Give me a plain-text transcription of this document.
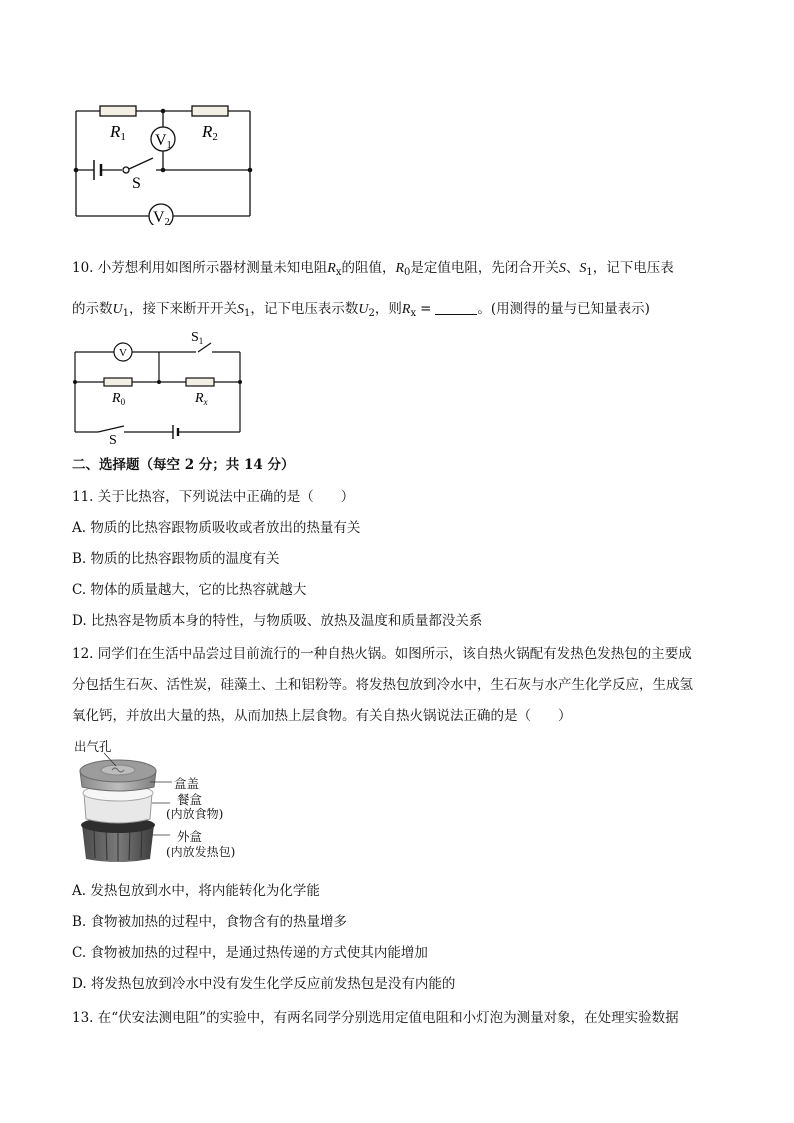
R1	R2
V1
V2
S
10. 小芳想利用如图所示器材测量未知电阻$R_x$的阻值，$R_0$是定值电阻，先闭合开关S、$S_1$，记下电压表
的示数$U_1$，接下来断开开关$S_1$，记下电压表示数$U_2$，则$R_x$ =	。(用测得的量与已知量表示)
V
$S_1$
$R_0$	$R_x$
S
二、选择题（每空 2 分；共 14 分）
11. 关于比热容，下列说法中正确的是（　　）
A. 物质的比热容跟物质吸收或者放出的热量有关
B. 物质的比热容跟物质的温度有关
C. 物体的质量越大，它的比热容就越大
D. 比热容是物质本身的特性，与物质吸、放热及温度和质量都没关系
12. 同学们在生活中品尝过目前流行的一种自热火锅。如图所示，该自热火锅配有发热色发热包的主要成
分包括生石灰、活性炭，硅藻土、土和铝粉等。将发热包放到冷水中，生石灰与水产生化学反应，生成氢
氧化钙，并放出大量的热，从而加热上层食物。有关自热火锅说法正确的是（　　）
出气孔
盒盖
餐盒
(内放食物)
外盒
(内放发热包)
A. 发热包放到水中，将内能转化为化学能
B. 食物被加热的过程中，食物含有的热量增多
C. 食物被加热的过程中，是通过热传递的方式使其内能增加
D. 将发热包放到冷水中没有发生化学反应前发热包是没有内能的
13. 在“伏安法测电阻”的实验中，有两名同学分别选用定值电阻和小灯泡为测量对象，在处理实验数据
